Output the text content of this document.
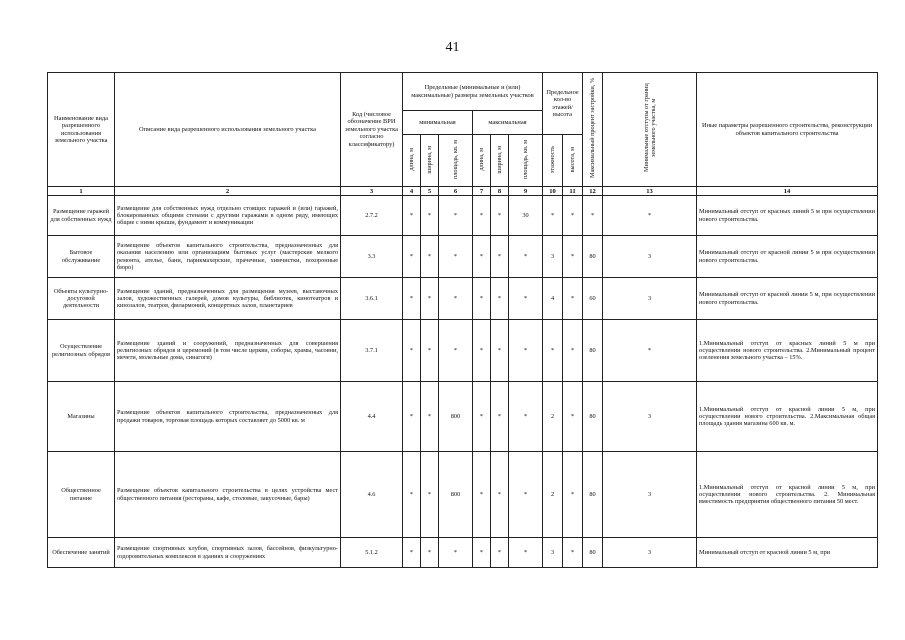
41
Наименование вида разрешенного использования земельного участка	Описание вида разрешенного использования земельного участка	Код (числовое обозначение ВРИ земельного участка согласно классификатору)	Предельные (минимальные и (или) максимальные) размеры земельных участков						Предельное кол-во этажей/высота		Максимальный процент застройки, %	Минимальные отступы от границ земельного участка, м	Иные параметры разрешенного строительства, реконструкции объектов капитального строительства
			минимальная			максимальная							
			длина, м	ширина, м	площадь, кв. м	длина, м	ширина, м	площадь, кв. м	этажность	высота, м			
1	2	3	4	5	6	7	8	9	10	11	12	13	14
Размещение гаражей для собственных нужд	Размещение для собственных нужд отдельно стоящих гаражей и (или) гаражей, блокированных общими стенами с другими гаражами в одном ряду, имеющих общие с ними крыши, фундамент и коммуникации	2.7.2	*	*	*	*	*	30	*	*	*	*	Минимальный отступ от красных линий 5 м при осуществлении нового строительства.
Бытовое обслуживание	Размещение объектов капитального строительства, предназначенных для оказания населению или организациям бытовых услуг (мастерские мелкого ремонта, ателье, бани, парикмахерские, прачечные, химчистки, похоронные бюро)	3.3	*	*	*	*	*	*	3	*	80	3	Минимальный отступ от красной линии 5 м при осуществлении нового строительства.
Объекты культурно-досуговой деятельности	Размещение зданий, предназначенных для размещения музеев, выставочных залов, художественных галерей, домов культуры, библиотек, кинотеатров и кинозалов, театров, филармоний, концертных залов, планетариев	3.6.1	*	*	*	*	*	*	4	*	60	3	Минимальный отступ от красной линии 5 м, при осуществлении нового строительства.
Осуществление религиозных обрядов	Размещение зданий и сооружений, предназначенных для совершения религиозных обрядов и церемоний (в том числе церкви, соборы, храмы, часовни, мечети, молельные дома, синагоги)	3.7.1	*	*	*	*	*	*	*	*	80	*	1.Минимальный отступ от красных линий 5 м при осуществлении нового строительства. 2.Минимальный процент озеленения земельного участка – 15%.
Магазины	Размещение объектов капитального строительства, предназначенных для продажи товаров, торговая площадь которых составляет до 5000 кв. м	4.4	*	*	800	*	*	*	2	*	80	3	1.Минимальный отступ от красной линии 5 м, при осуществлении нового строительства. 2.Максимальная общая площадь здания магазина 600 кв. м.
Общественное питание	Размещение объектов капитального строительства в целях устройства мест общественного питания (рестораны, кафе, столовые, закусочные, бары)	4.6	*	*	800	*	*	*	2	*	80	3	1.Минимальный отступ от красной линии 5 м, при осуществлении нового строительства. 2. Минимальная вместимость предприятия общественного питания 50 мест.
Обеспечение занятий	Размещение спортивных клубов, спортивных залов, бассейнов, физкультурно-оздоровительных комплексов в зданиях и сооружениях	5.1.2	*	*	*	*	*	*	3	*	80	3	Минимальный отступ от красной линии 5 м, при
